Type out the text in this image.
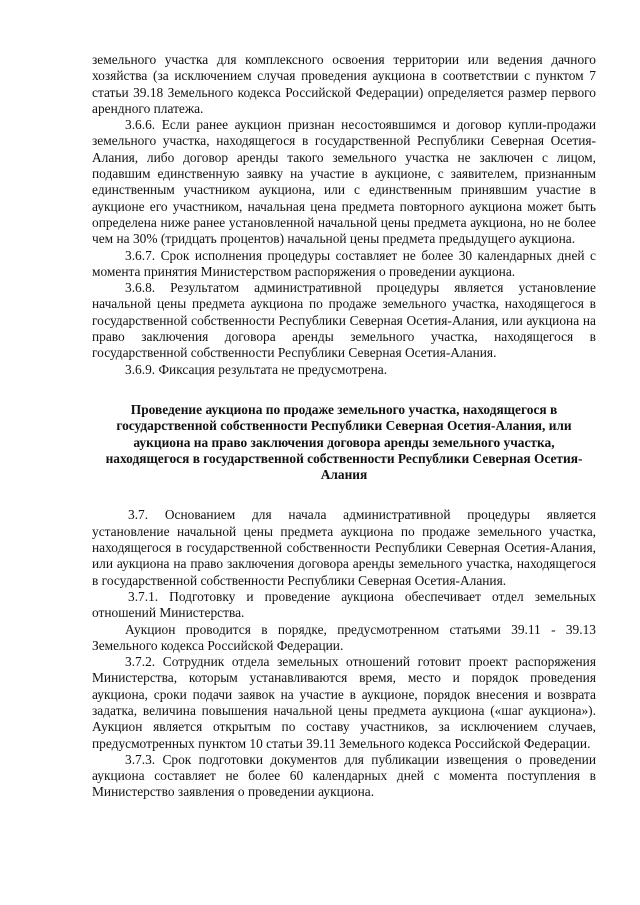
земельного участка для комплексного освоения территории или ведения дачного хозяйства (за исключением случая проведения аукциона в соответствии с пунктом 7 статьи 39.18 Земельного кодекса Российской Федерации) определяется размер первого арендного платежа.

3.6.6. Если ранее аукцион признан несостоявшимся и договор купли-продажи земельного участка, находящегося в государственной Республики Северная Осетия-Алания, либо договор аренды такого земельного участка не заключен с лицом, подавшим единственную заявку на участие в аукционе, с заявителем, признанным единственным участником аукциона, или с единственным принявшим участие в аукционе его участником, начальная цена предмета повторного аукциона может быть определена ниже ранее установленной начальной цены предмета аукциона, но не более чем на 30% (тридцать процентов) начальной цены предмета предыдущего аукциона.

3.6.7. Срок исполнения процедуры составляет не более 30 календарных дней с момента принятия Министерством распоряжения о проведении аукциона.

3.6.8. Результатом административной процедуры является установление начальной цены предмета аукциона по продаже земельного участка, находящегося в государственной собственности Республики Северная Осетия-Алания, или аукциона на право заключения договора аренды земельного участка, находящегося в государственной собственности Республики Северная Осетия-Алания.

3.6.9. Фиксация результата не предусмотрена.

Проведение аукциона по продаже земельного участка, находящегося в государственной собственности Республики Северная Осетия-Алания, или аукциона на право заключения договора аренды земельного участка, находящегося в государственной собственности Республики Северная Осетия-Алания

3.7. Основанием для начала административной процедуры является установление начальной цены предмета аукциона по продаже земельного участка, находящегося в государственной собственности Республики Северная Осетия-Алания, или аукциона на право заключения договора аренды земельного участка, находящегося в государственной собственности Республики Северная Осетия-Алания.

3.7.1. Подготовку и проведение аукциона обеспечивает отдел земельных отношений Министерства.

Аукцион проводится в порядке, предусмотренном статьями 39.11 - 39.13 Земельного кодекса Российской Федерации.

3.7.2. Сотрудник отдела земельных отношений готовит проект распоряжения Министерства, которым устанавливаются время, место и порядок проведения аукциона, сроки подачи заявок на участие в аукционе, порядок внесения и возврата задатка, величина повышения начальной цены предмета аукциона («шаг аукциона»). Аукцион является открытым по составу участников, за исключением случаев, предусмотренных пунктом 10 статьи 39.11 Земельного кодекса Российской Федерации.

3.7.3. Срок подготовки документов для публикации извещения о проведении аукциона составляет не более 60 календарных дней с момента поступления в Министерство заявления о проведении аукциона.
